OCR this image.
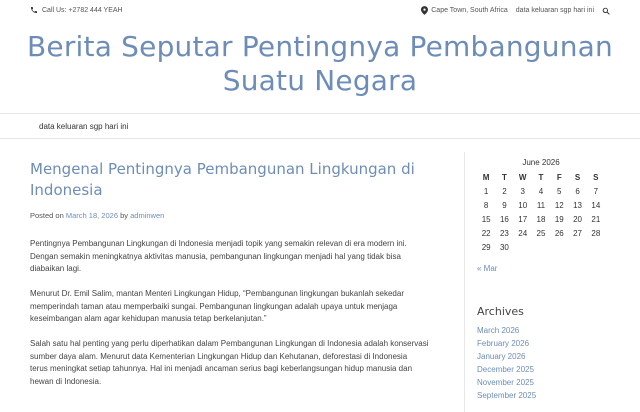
Call Us: +2782 444 YEAH	Cape Town, South Africa data keluaran sgp hari ini
Berita Seputar Pentingnya Pembangunan
Suatu Negara
data keluaran sgp hari ini
Mengenal Pentingnya Pembangunan Lingkungan di
Indonesia
Posted on March 18, 2026 by adminwen

Pentingnya Pembangunan Lingkungan di Indonesia menjadi topik yang semakin relevan di era modern ini.
Dengan semakin meningkatnya aktivitas manusia, pembangunan lingkungan menjadi hal yang tidak bisa
diabaikan lagi.

Menurut Dr. Emil Salim, mantan Menteri Lingkungan Hidup, “Pembangunan lingkungan bukanlah sekedar
memperindah taman atau memperbaiki sungai. Pembangunan lingkungan adalah upaya untuk menjaga
keseimbangan alam agar kehidupan manusia tetap berkelanjutan.”

Salah satu hal penting yang perlu diperhatikan dalam Pembangunan Lingkungan di Indonesia adalah konservasi
sumber daya alam. Menurut data Kementerian Lingkungan Hidup dan Kehutanan, deforestasi di Indonesia
terus meningkat setiap tahunnya. Hal ini menjadi ancaman serius bagi keberlangsungan hidup manusia dan
hewan di Indonesia.

June 2026
M	T	W	T	F	S	S
1	2	3	4	5	6	7
8	9	10	11	12	13	14
15	16	17	18	19	20	21
22	23	24	25	26	27	28
29	30					
« Mar
Archives
March 2026
February 2026
January 2026
December 2025
November 2025
September 2025
